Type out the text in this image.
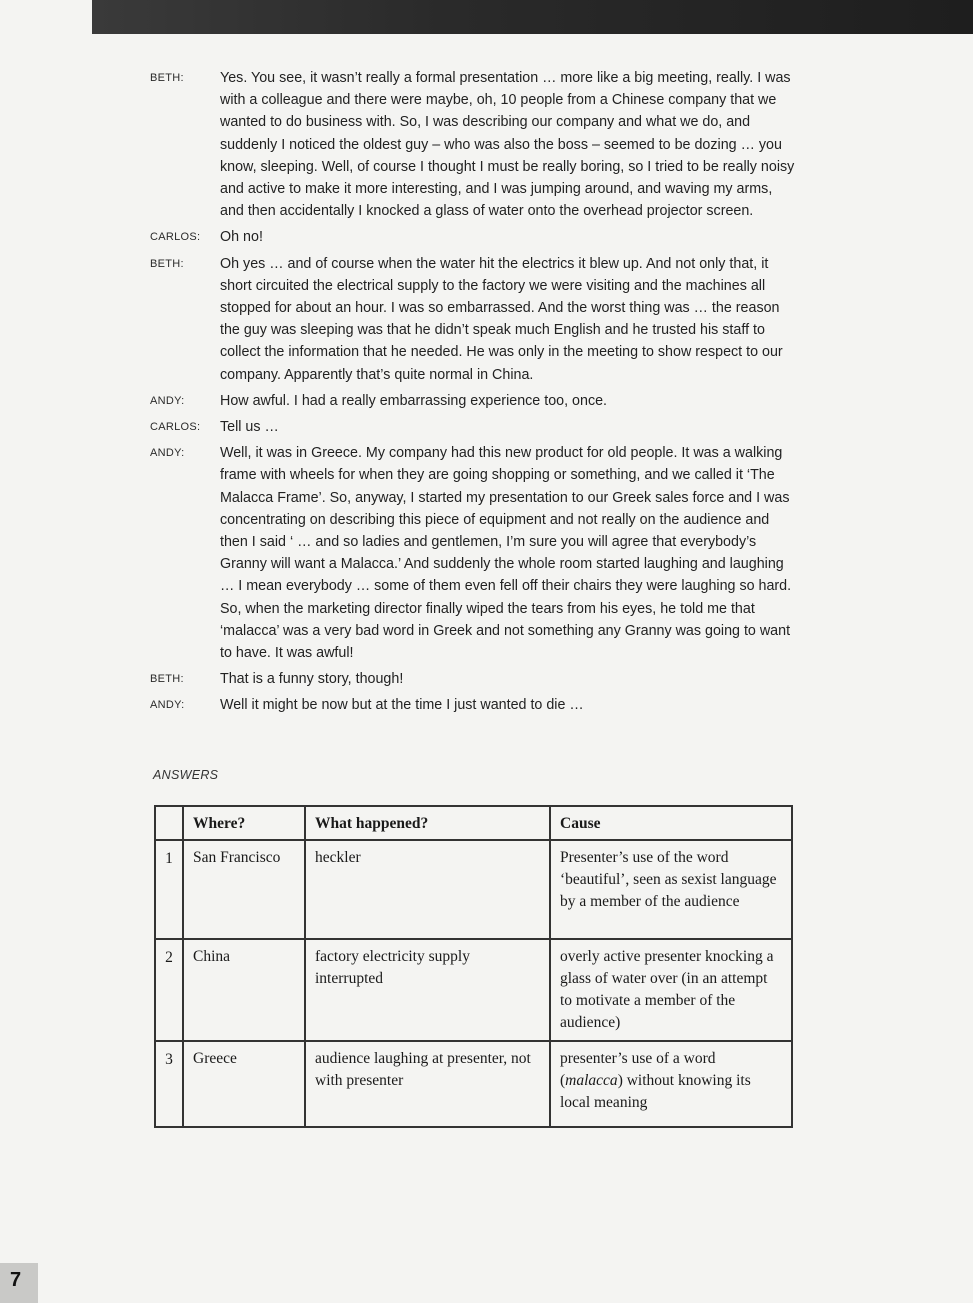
BETH:	Yes. You see, it wasn’t really a formal presentation … more like a big meeting, really. I was with a colleague and there were maybe, oh, 10 people from a Chinese company that we wanted to do business with. So, I was describing our company and what we do, and suddenly I noticed the oldest guy – who was also the boss – seemed to be dozing … you know, sleeping. Well, of course I thought I must be really boring, so I tried to be really noisy and active to make it more interesting, and I was jumping around, and waving my arms, and then accidentally I knocked a glass of water onto the overhead projector screen.
CARLOS:	Oh no!
BETH:	Oh yes … and of course when the water hit the electrics it blew up. And not only that, it short circuited the electrical supply to the factory we were visiting and the machines all stopped for about an hour. I was so embarrassed. And the worst thing was … the reason the guy was sleeping was that he didn’t speak much English and he trusted his staff to collect the information that he needed. He was only in the meeting to show respect to our company. Apparently that’s quite normal in China.
ANDY:	How awful. I had a really embarrassing experience too, once.
CARLOS:	Tell us …
ANDY:	Well, it was in Greece. My company had this new product for old people. It was a walking frame with wheels for when they are going shopping or something, and we called it ‘The Malacca Frame’. So, anyway, I started my presentation to our Greek sales force and I was concentrating on describing this piece of equipment and not really on the audience and then I said ‘ … and so ladies and gentlemen, I’m sure you will agree that everybody’s Granny will want a Malacca.’ And suddenly the whole room started laughing and laughing … I mean everybody … some of them even fell off their chairs they were laughing so hard. So, when the marketing director finally wiped the tears from his eyes, he told me that ‘malacca’ was a very bad word in Greek and not something any Granny was going to want to have. It was awful!
BETH:	That is a funny story, though!
ANDY:	Well it might be now but at the time I just wanted to die …
ANSWERS
	Where?	What happened?	Cause
1	San Francisco	heckler	Presenter’s use of the word ‘beautiful’, seen as sexist language by a member of the audience
2	China	factory electricity supply interrupted	overly active presenter knocking a glass of water over (in an attempt to motivate a member of the audience)
3	Greece	audience laughing at presenter, not with presenter	presenter’s use of a word (malacca) without knowing its local meaning
7
